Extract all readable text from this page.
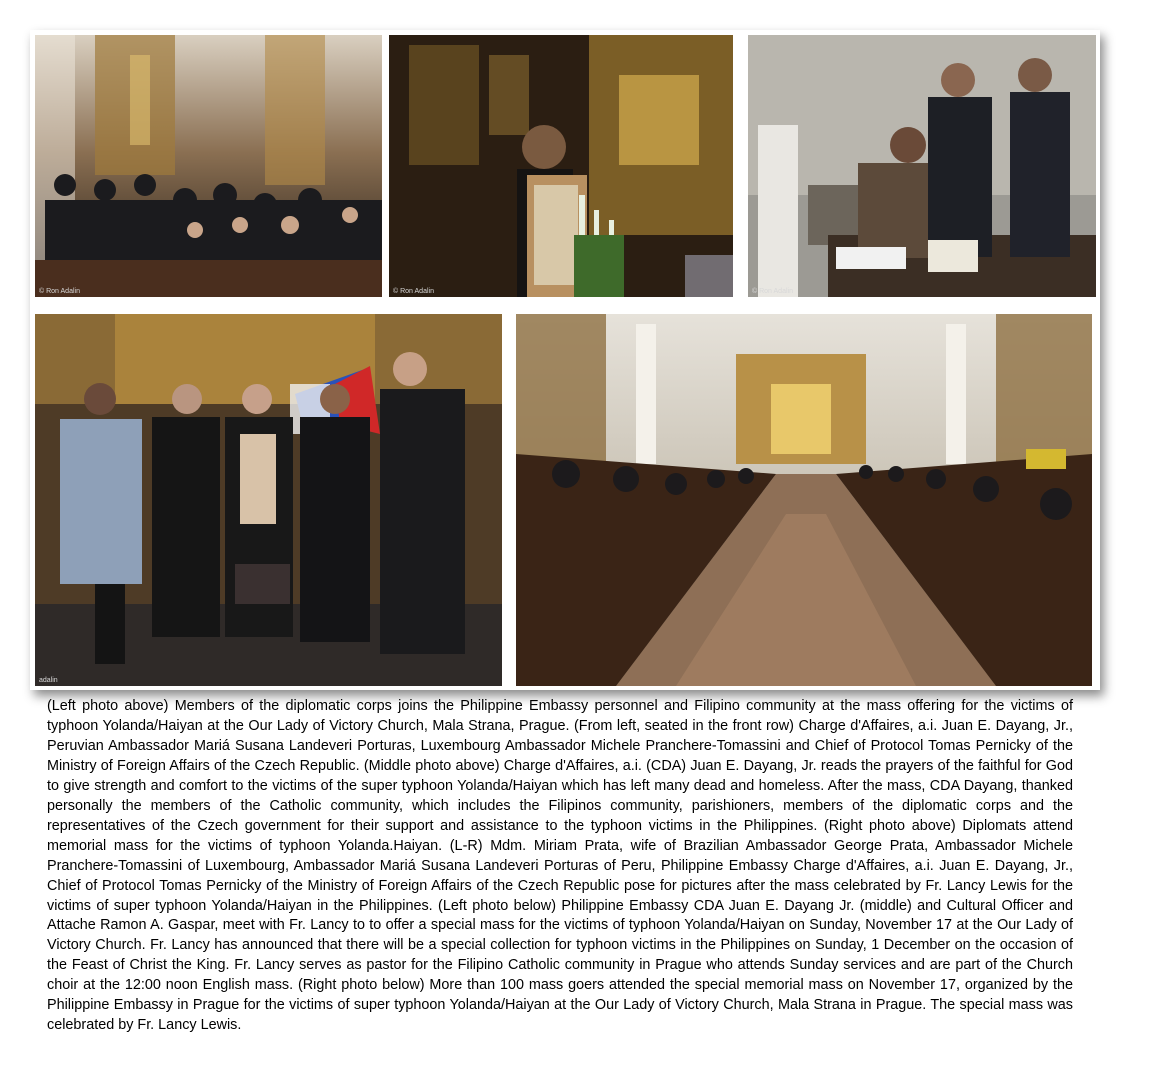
© Ron Adalin	© Ron Adalin	© Ron Adalin
adalin

(Left photo above) Members of the diplomatic corps joins the Philippine Embassy personnel and Filipino community at the mass offering for the victims of typhoon Yolanda/Haiyan at the Our Lady of Victory Church, Mala Strana, Prague. (From left, seated in the front row) Charge d'Affaires, a.i. Juan E. Dayang, Jr., Peruvian Ambassador Mariá Susana Landeveri Porturas, Luxembourg Ambassador Michele Pranchere-Tomassini and Chief of Protocol Tomas Pernicky of the Ministry of Foreign Affairs of the Czech Republic. (Middle photo above) Charge d'Affaires, a.i. (CDA) Juan E. Dayang, Jr. reads the prayers of the faithful for God to give strength and comfort to the victims of the super typhoon Yolanda/Haiyan which has left many dead and homeless. After the mass, CDA Dayang, thanked personally the members of the Catholic community, which includes the Filipinos community, parishioners, members of the diplomatic corps and the representatives of the Czech government for their support and assistance to the typhoon victims in the Philippines. (Right photo above) Diplomats attend memorial mass for the victims of typhoon Yolanda.Haiyan. (L-R) Mdm. Miriam Prata, wife of Brazilian Ambassador George Prata, Ambassador Michele Pranchere-Tomassini of Luxembourg, Ambassador Mariá Susana Landeveri Porturas of Peru, Philippine Embassy Charge d'Affaires, a.i. Juan E. Dayang, Jr., Chief of Protocol Tomas Pernicky of the Ministry of Foreign Affairs of the Czech Republic pose for pictures after the mass celebrated by Fr. Lancy Lewis for the victims of super typhoon Yolanda/Haiyan in the Philippines. (Left photo below) Philippine Embassy CDA Juan E. Dayang Jr. (middle) and Cultural Officer and Attache Ramon A. Gaspar, meet with Fr. Lancy to to offer a special mass for the victims of typhoon Yolanda/Haiyan on Sunday, November 17 at the Our Lady of Victory Church. Fr. Lancy has announced that there will be a special collection for typhoon victims in the Philippines on Sunday, 1 December on the occasion of the Feast of Christ the King. Fr. Lancy serves as pastor for the Filipino Catholic community in Prague who attends Sunday services and are part of the Church choir at the 12:00 noon English mass. (Right photo below) More than 100 mass goers attended the special memorial mass on November 17, organized by the Philippine Embassy in Prague for the victims of super typhoon Yolanda/Haiyan at the Our Lady of Victory Church, Mala Strana in Prague. The special mass was celebrated by Fr. Lancy Lewis.
